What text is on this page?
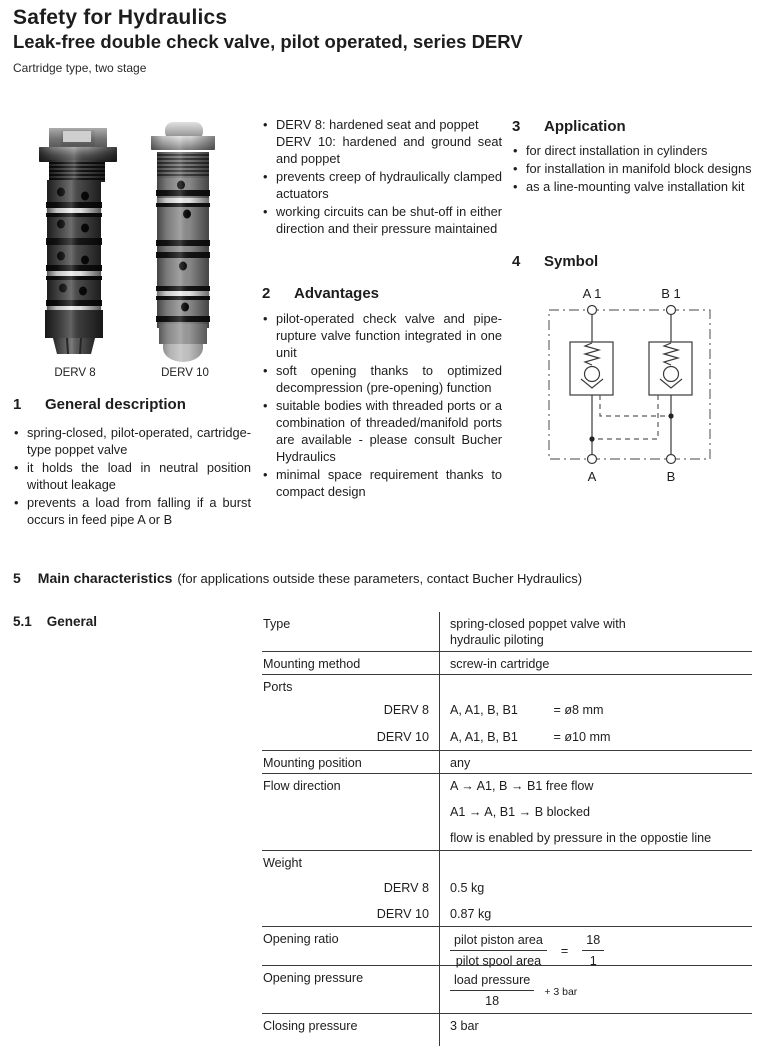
Safety for Hydraulics
Leak-free double check valve, pilot operated, series DERV
Cartridge type, two stage
DERV 8	DERV 10
1	General description
• spring-closed, pilot-operated, cartridge-type poppet valve
• it holds the load in neutral position without leakage
• prevents a load from falling if a burst occurs in feed pipe A or B
• DERV 8: hardened seat and poppet
DERV 10: hardened and ground seat and poppet
• prevents creep of hydraulically clamped actuators
• working circuits can be shut-off in either direction and their pressure maintained
2	Advantages
• pilot-operated check valve and pipe-rupture valve function integrated in one unit
• soft opening thanks to optimized decompression (pre-opening) function
• suitable bodies with threaded ports or a combination of threaded/manifold ports are available - please consult Bucher Hydraulics
• minimal space requirement thanks to compact design
3	Application
• for direct installation in cylinders
• for installation in manifold block designs
• as a line-mounting valve installation kit
4	Symbol
A 1	B 1
A	B
5 Main characteristics (for applications outside these parameters, contact Bucher Hydraulics)
5.1 General	Type	spring-closed poppet valve with
hydraulic piloting
Mounting method	screw-in cartridge
Ports
DERV 8	A, A1, B, B1	= ø8 mm
DERV 10	A, A1, B, B1	= ø10 mm
Mounting position	any
Flow direction	A → A1, B → B1 free flow
A1 → A, B1 → B blocked
flow is enabled by pressure in the oppostie line
Weight
DERV 8	0.5 kg
DERV 10	0.87 kg
Opening ratio	$\frac{\text{pilot piston area}}{\text{pilot spool area}} = \frac{18}{1}$
Opening pressure	$\frac{\text{load pressure}}{18} + 3$ bar
Closing pressure	3 bar
